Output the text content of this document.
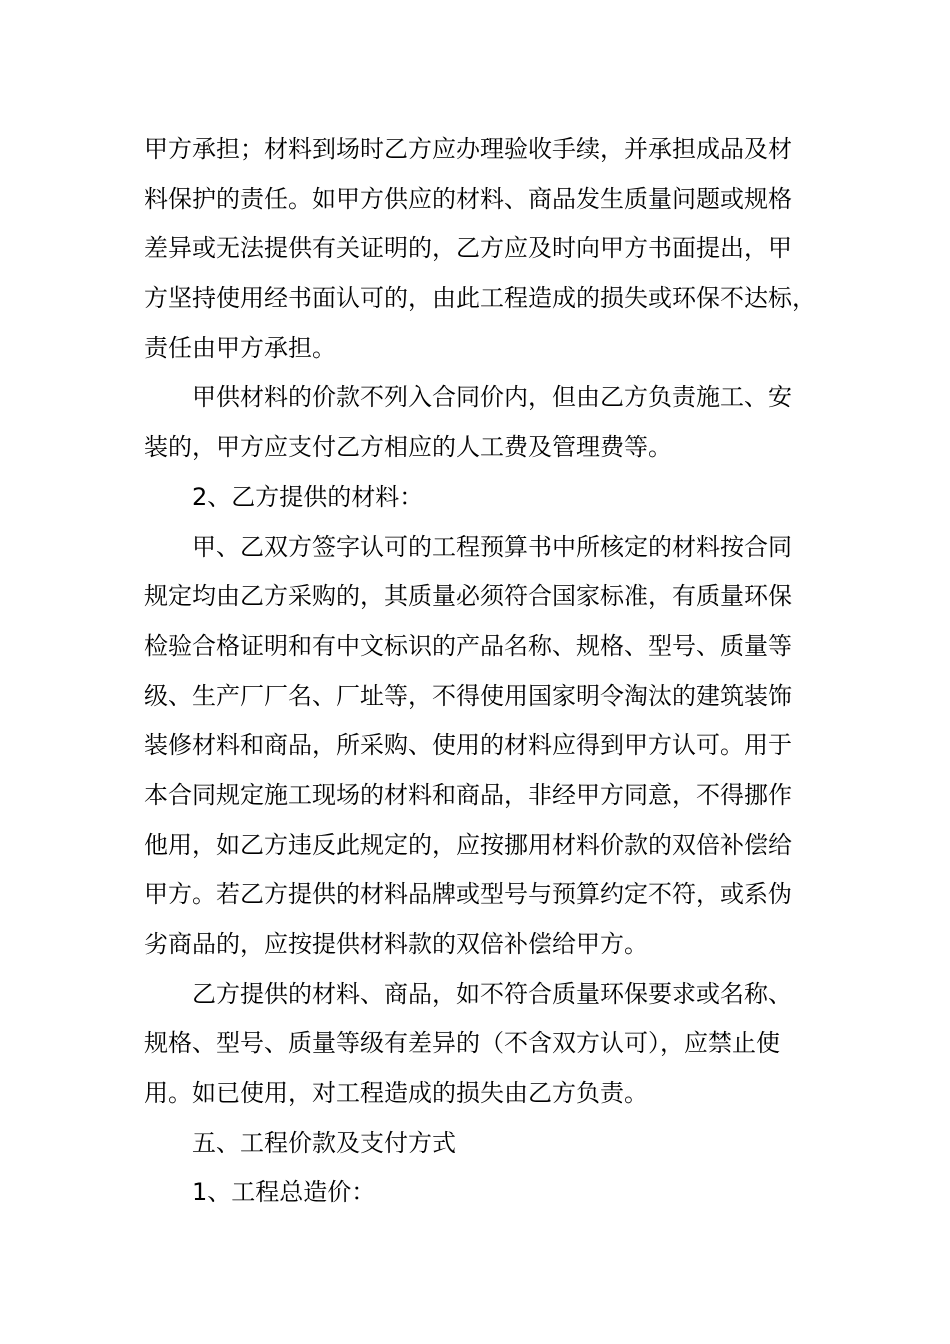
甲方承担；材料到场时乙方应办理验收手续，并承担成品及材
料保护的责任。如甲方供应的材料、商品发生质量问题或规格
差异或无法提供有关证明的，乙方应及时向甲方书面提出，甲
方坚持使用经书面认可的，由此工程造成的损失或环保不达标，
责任由甲方承担。
甲供材料的价款不列入合同价内，但由乙方负责施工、安
装的，甲方应支付乙方相应的人工费及管理费等。
2、乙方提供的材料：
甲、乙双方签字认可的工程预算书中所核定的材料按合同
规定均由乙方采购的，其质量必须符合国家标准，有质量环保
检验合格证明和有中文标识的产品名称、规格、型号、质量等
级、生产厂厂名、厂址等，不得使用国家明令淘汰的建筑装饰
装修材料和商品，所采购、使用的材料应得到甲方认可。用于
本合同规定施工现场的材料和商品，非经甲方同意，不得挪作
他用，如乙方违反此规定的，应按挪用材料价款的双倍补偿给
甲方。若乙方提供的材料品牌或型号与预算约定不符，或系伪
劣商品的，应按提供材料款的双倍补偿给甲方。
乙方提供的材料、商品，如不符合质量环保要求或名称、
规格、型号、质量等级有差异的（不含双方认可），应禁止使
用。如已使用，对工程造成的损失由乙方负责。
五、工程价款及支付方式
1、工程总造价：
